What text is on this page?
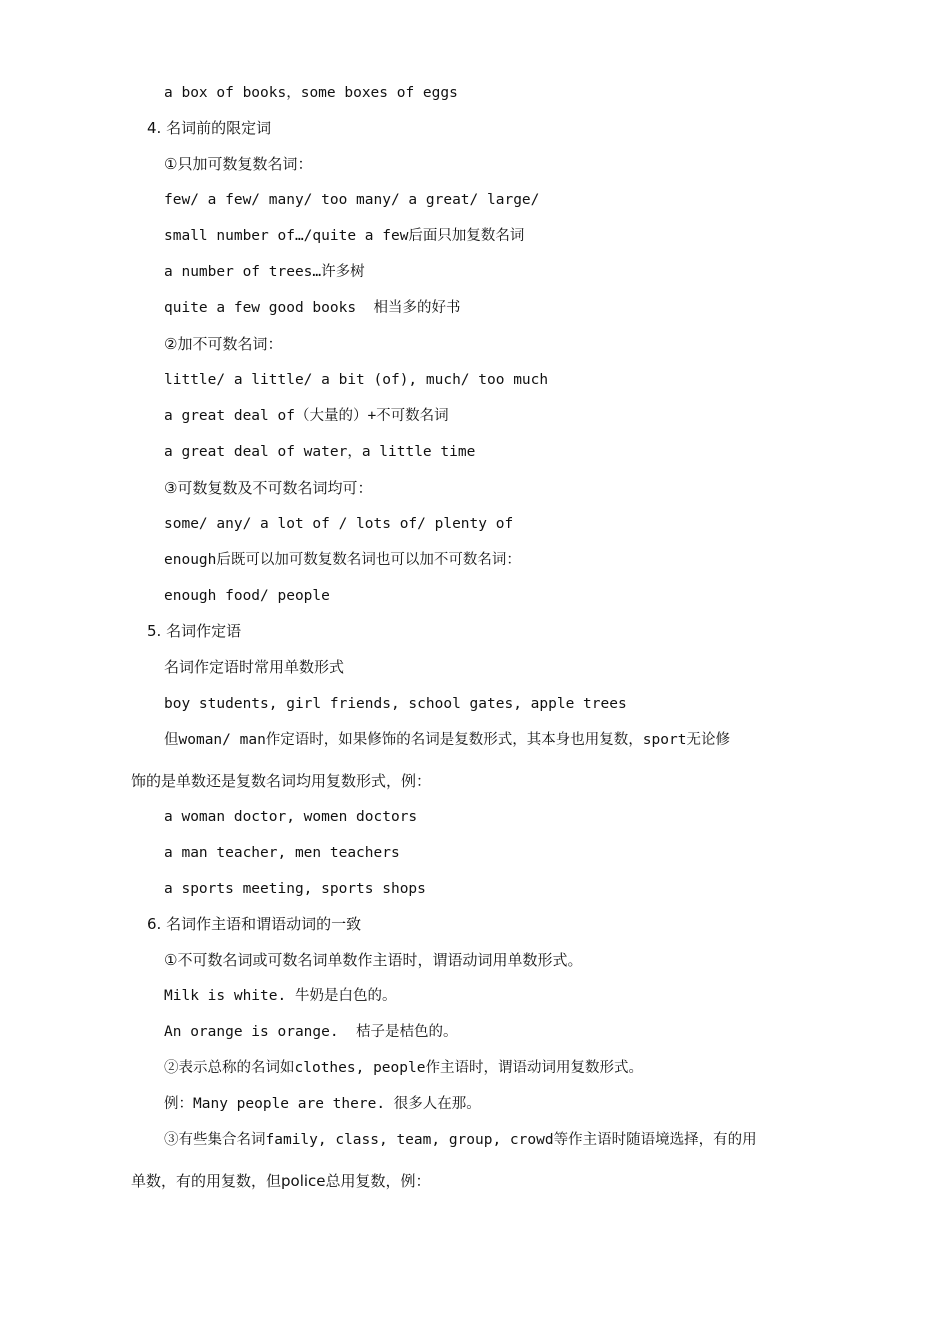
a box of books，some boxes of eggs
4. 名词前的限定词
①只加可数复数名词：
few/ a few/ many/ too many/ a great/ large/
small number of…/quite a few后面只加复数名词
a number of trees…许多树
quite a few good books  相当多的好书
②加不可数名词：
little/ a little/ a bit (of), much/ too much
a great deal of（大量的）+不可数名词
a great deal of water，a little time
③可数复数及不可数名词均可：
some/ any/ a lot of / lots of/ plenty of
enough后既可以加可数复数名词也可以加不可数名词：
enough food/ people
5. 名词作定语
名词作定语时常用单数形式
boy students, girl friends, school gates, apple trees
但woman/ man作定语时，如果修饰的名词是复数形式，其本身也用复数，sport无论修
饰的是单数还是复数名词均用复数形式，例：
a woman doctor, women doctors
a man teacher, men teachers
a sports meeting, sports shops
6. 名词作主语和谓语动词的一致
①不可数名词或可数名词单数作主语时，谓语动词用单数形式。
Milk is white. 牛奶是白色的。
An orange is orange.  桔子是桔色的。
②表示总称的名词如clothes, people作主语时，谓语动词用复数形式。
例：Many people are there. 很多人在那。
③有些集合名词family, class, team, group, crowd等作主语时随语境选择，有的用
单数，有的用复数，但police总用复数，例：
